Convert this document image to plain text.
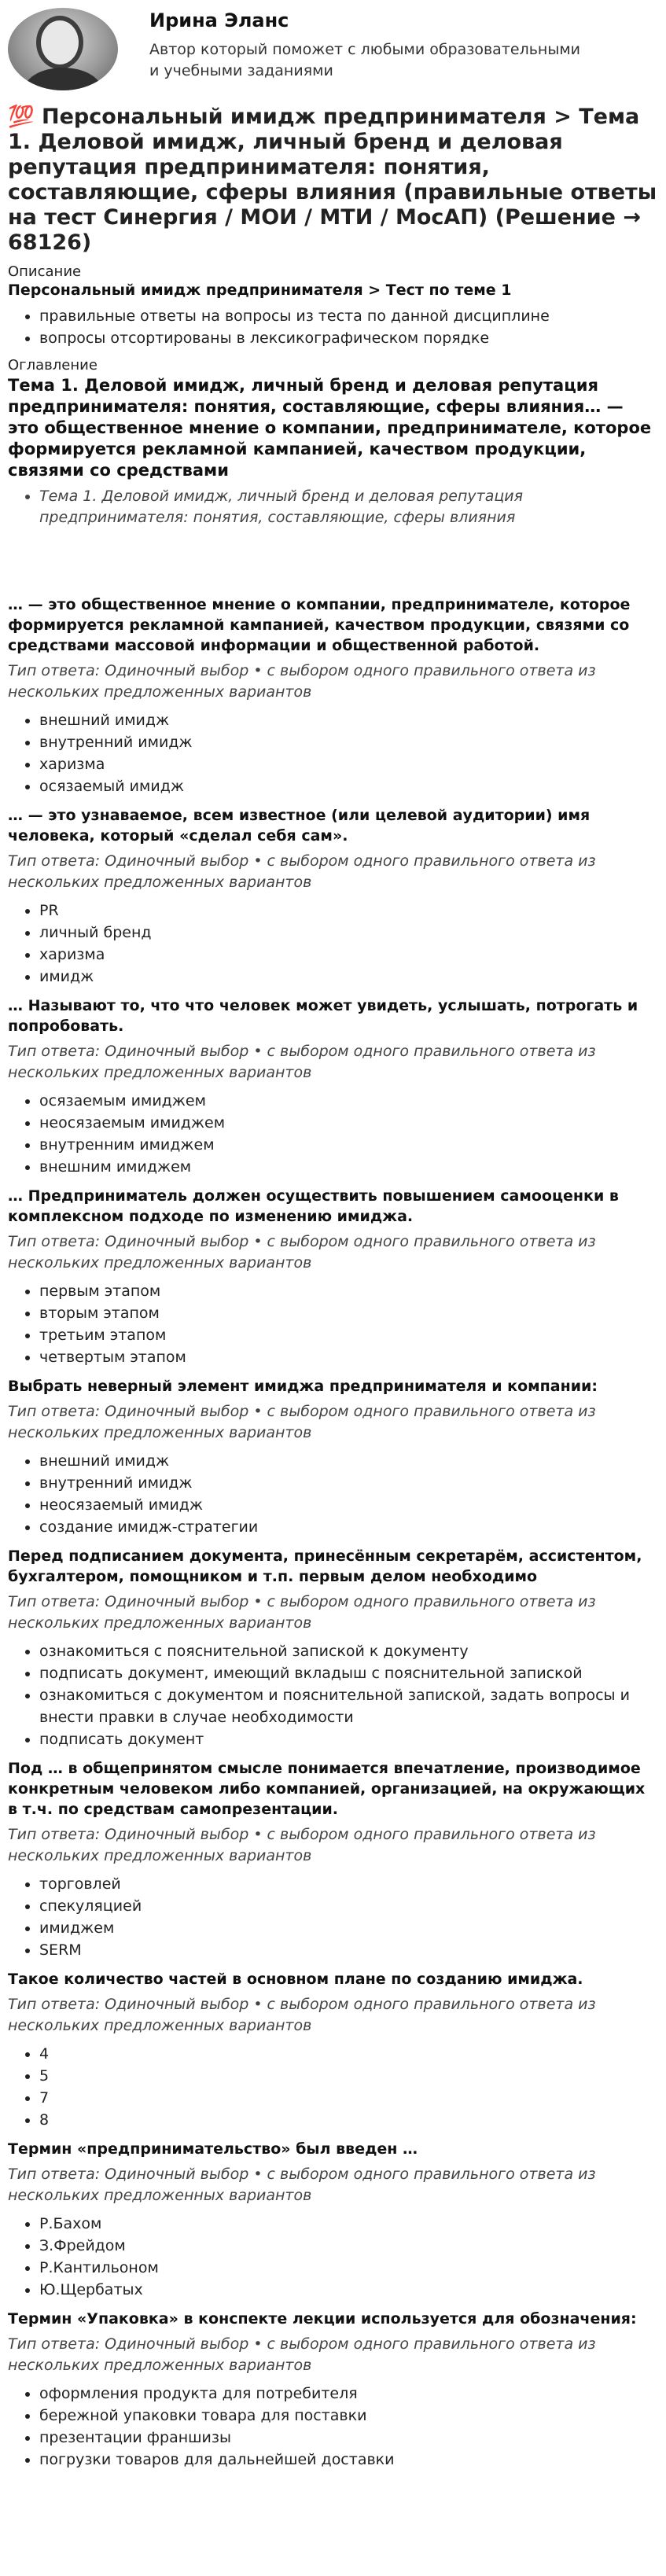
Ирина Эланс
Автор который поможет с любыми образовательными и учебными заданиями
💯 Персональный имидж предпринимателя > Тема 1. Деловой имидж, личный бренд и деловая репутация предпринимателя: понятия, составляющие, сферы влияния (правильные ответы на тест Синергия / МОИ / МТИ / МосАП) (Решение → 68126)
Описание
Персональный имидж предпринимателя > Тест по теме 1
• правильные ответы на вопросы из теста по данной дисциплине
• вопросы отсортированы в лексикографическом порядке
Оглавление
Тема 1. Деловой имидж, личный бренд и деловая репутация предпринимателя: понятия, составляющие, сферы влияния… — это общественное мнение о компании, предпринимателе, которое формируется рекламной кампанией, качеством продукции, связями со средствами
• Тема 1. Деловой имидж, личный бренд и деловая репутация предпринимателя: понятия, составляющие, сферы влияния
… — это общественное мнение о компании, предпринимателе, которое формируется рекламной кампанией, качеством продукции, связями со средствами массовой информации и общественной работой.
Тип ответа: Одиночный выбор • с выбором одного правильного ответа из нескольких предложенных вариантов
• внешний имидж
• внутренний имидж
• харизма
• осязаемый имидж
… — это узнаваемое, всем известное (или целевой аудитории) имя человека, который «сделал себя сам».
Тип ответа: Одиночный выбор • с выбором одного правильного ответа из нескольких предложенных вариантов
• PR
• личный бренд
• харизма
• имидж
… Называют то, что что человек может увидеть, услышать, потрогать и попробовать.
Тип ответа: Одиночный выбор • с выбором одного правильного ответа из нескольких предложенных вариантов
• осязаемым имиджем
• неосязаемым имиджем
• внутренним имиджем
• внешним имиджем
… Предприниматель должен осуществить повышением самооценки в комплексном подходе по изменению имиджа.
Тип ответа: Одиночный выбор • с выбором одного правильного ответа из нескольких предложенных вариантов
• первым этапом
• вторым этапом
• третьим этапом
• четвертым этапом
Выбрать неверный элемент имиджа предпринимателя и компании:
Тип ответа: Одиночный выбор • с выбором одного правильного ответа из нескольких предложенных вариантов
• внешний имидж
• внутренний имидж
• неосязаемый имидж
• создание имидж-стратегии
Перед подписанием документа, принесённым секретарём, ассистентом, бухгалтером, помощником и т.п. первым делом необходимо
Тип ответа: Одиночный выбор • с выбором одного правильного ответа из нескольких предложенных вариантов
• ознакомиться с пояснительной запиской к документу
• подписать документ, имеющий вкладыш с пояснительной запиской
• ознакомиться с документом и пояснительной запиской, задать вопросы и внести правки в случае необходимости
• подписать документ
Под … в общепринятом смысле понимается впечатление, производимое конкретным человеком либо компанией, организацией, на окружающих в т.ч. по средствам самопрезентации.
Тип ответа: Одиночный выбор • с выбором одного правильного ответа из нескольких предложенных вариантов
• торговлей
• спекуляцией
• имиджем
• SERM
Такое количество частей в основном плане по созданию имиджа.
Тип ответа: Одиночный выбор • с выбором одного правильного ответа из нескольких предложенных вариантов
• 4
• 5
• 7
• 8
Термин «предпринимательство» был введен …
Тип ответа: Одиночный выбор • с выбором одного правильного ответа из нескольких предложенных вариантов
• Р.Бахом
• З.Фрейдом
• Р.Кантильоном
• Ю.Щербатых
Термин «Упаковка» в конспекте лекции используется для обозначения:
Тип ответа: Одиночный выбор • с выбором одного правильного ответа из нескольких предложенных вариантов
• оформления продукта для потребителя
• бережной упаковки товара для поставки
• презентации франшизы
• погрузки товаров для дальнейшей доставки
